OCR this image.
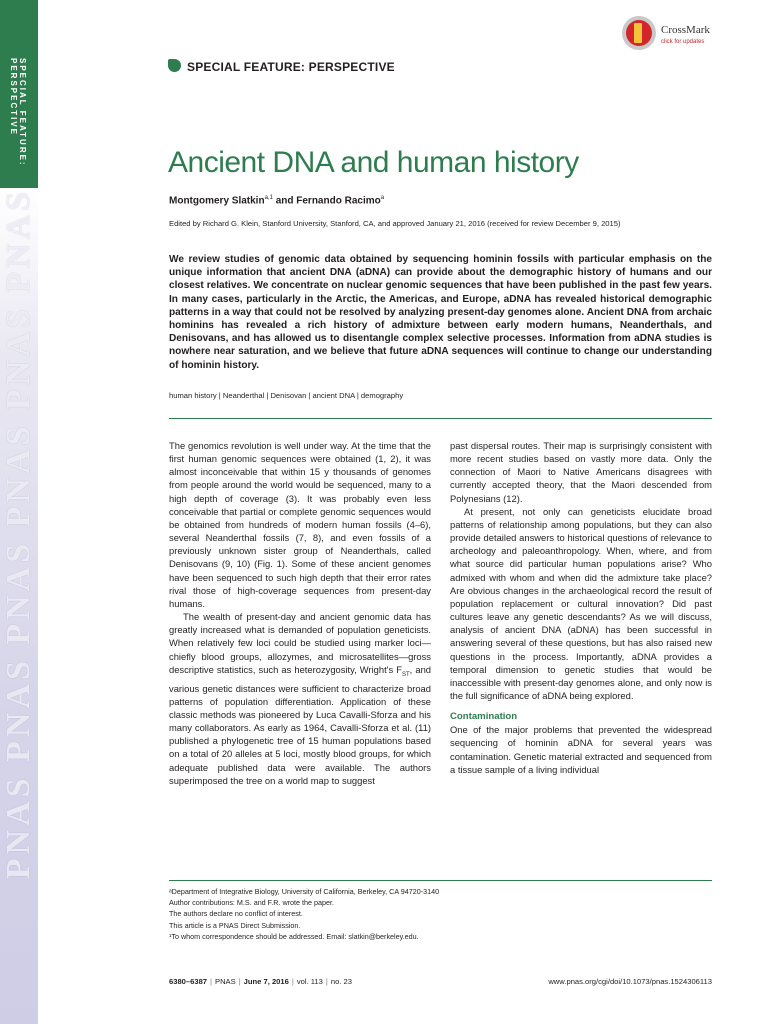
SPECIAL FEATURE: PERSPECTIVE
PNAS PNAS PNAS PNAS PNAS PNAS
CrossMark
click for updates
SPECIAL FEATURE: PERSPECTIVE
Ancient DNA and human history
Montgomery Slatkin$^{a,1}$ and Fernando Racimo$^a$
Edited by Richard G. Klein, Stanford University, Stanford, CA, and approved January 21, 2016 (received for review December 9, 2015)
We review studies of genomic data obtained by sequencing hominin fossils with particular emphasis on the unique information that ancient DNA (aDNA) can provide about the demographic history of humans and our closest relatives. We concentrate on nuclear genomic sequences that have been published in the past few years. In many cases, particularly in the Arctic, the Americas, and Europe, aDNA has revealed historical demographic patterns in a way that could not be resolved by analyzing present-day genomes alone. Ancient DNA from archaic hominins has revealed a rich history of admixture between early modern humans, Neanderthals, and Denisovans, and has allowed us to disentangle complex selective processes. Information from aDNA studies is nowhere near saturation, and we believe that future aDNA sequences will continue to change our understanding of hominin history.
human history | Neanderthal | Denisovan | ancient DNA | demography

The genomics revolution is well under way. At the time that the first human genomic sequences were obtained (1, 2), it was almost inconceivable that within 15 y thousands of genomes from people around the world would be sequenced, many to a high depth of coverage (3). It was probably even less conceivable that partial or complete genomic sequences would be obtained from hundreds of modern human fossils (4–6), several Neanderthal fossils (7, 8), and even fossils of a previously unknown sister group of Neanderthals, called Denisovans (9, 10) (Fig. 1). Some of these ancient genomes have been sequenced to such high depth that their error rates rival those of high-coverage sequences from present-day humans.

The wealth of present-day and ancient genomic data has greatly increased what is demanded of population geneticists. When relatively few loci could be studied using marker loci—chiefly blood groups, allozymes, and microsatellites—gross descriptive statistics, such as heterozygosity, Wright's $F_{ST}$, and various genetic distances were sufficient to characterize broad patterns of population differentiation. Application of these classic methods was pioneered by Luca Cavalli-Sforza and his many collaborators. As early as 1964, Cavalli-Sforza et al. (11) published a phylogenetic tree of 15 human populations based on a total of 20 alleles at 5 loci, mostly blood groups, for which adequate published data were available. The authors superimposed the tree on a world map to suggest

past dispersal routes. Their map is surprisingly consistent with more recent studies based on vastly more data. Only the connection of Maori to Native Americans disagrees with currently accepted theory, that the Maori descended from Polynesians (12).

At present, not only can geneticists elucidate broad patterns of relationship among populations, but they can also provide detailed answers to historical questions of relevance to archeology and paleoanthropology. When, where, and from what source did particular human populations arise? Who admixed with whom and when did the admixture take place? Are obvious changes in the archaeological record the result of population replacement or cultural innovation? Did past cultures leave any genetic descendants? As we will discuss, analysis of ancient DNA (aDNA) has been successful in answering several of these questions, but has also raised new questions in the process. Importantly, aDNA provides a temporal dimension to genetic studies that would be inaccessible with present-day genomes alone, and only now is the full significance of aDNA being explored.

Contamination

One of the major problems that prevented the widespread sequencing of hominin aDNA for several years was contamination. Genetic material extracted and sequenced from a tissue sample of a living individual

ᵃDepartment of Integrative Biology, University of California, Berkeley, CA 94720-3140
Author contributions: M.S. and F.R. wrote the paper.
The authors declare no conflict of interest.
This article is a PNAS Direct Submission.
¹To whom correspondence should be addressed. Email: slatkin@berkeley.edu.
6380–6387 | PNAS | June 7, 2016 | vol. 113 | no. 23	www.pnas.org/cgi/doi/10.1073/pnas.1524306113
